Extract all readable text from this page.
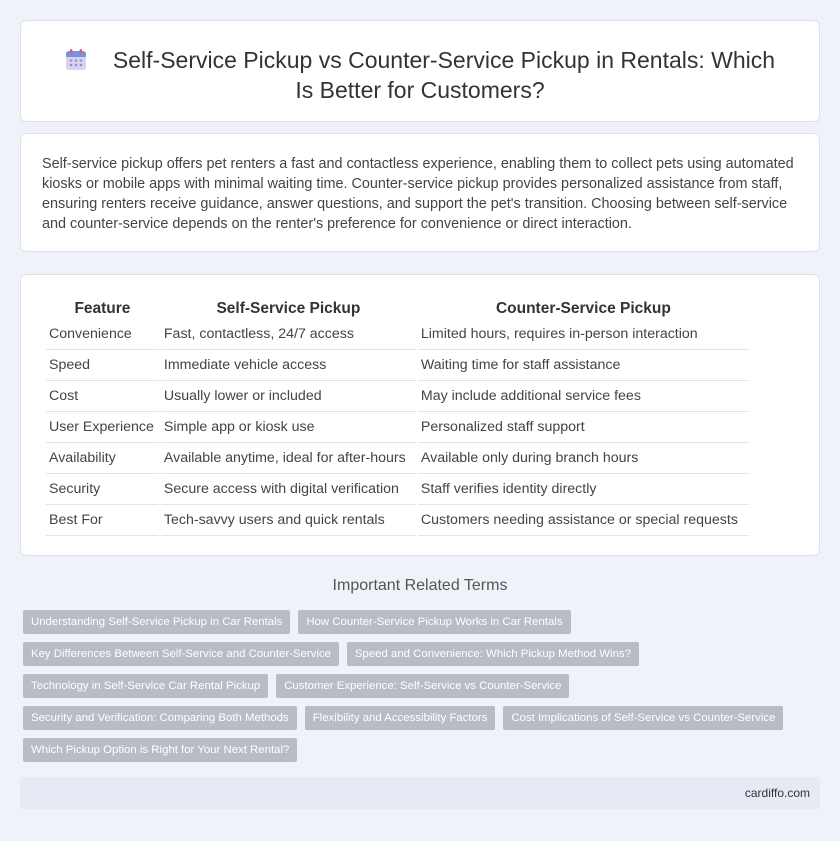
Self-Service Pickup vs Counter-Service Pickup in Rentals: Which Is Better for Customers?

Self-service pickup offers pet renters a fast and contactless experience, enabling them to collect pets using automated kiosks or mobile apps with minimal waiting time. Counter-service pickup provides personalized assistance from staff, ensuring renters receive guidance, answer questions, and support the pet's transition. Choosing between self-service and counter-service depends on the renter's preference for convenience or direct interaction.

Feature	Self-Service Pickup	Counter-Service Pickup
Convenience	Fast, contactless, 24/7 access	Limited hours, requires in-person interaction
Speed	Immediate vehicle access	Waiting time for staff assistance
Cost	Usually lower or included	May include additional service fees
User Experience	Simple app or kiosk use	Personalized staff support
Availability	Available anytime, ideal for after-hours	Available only during branch hours
Security	Secure access with digital verification	Staff verifies identity directly
Best For	Tech-savvy users and quick rentals	Customers needing assistance or special requests
Important Related Terms
Understanding Self-Service Pickup in Car Rentals	How Counter-Service Pickup Works in Car Rentals
Key Differences Between Self-Service and Counter-Service	Speed and Convenience: Which Pickup Method Wins?
Technology in Self-Service Car Rental Pickup	Customer Experience: Self-Service vs Counter-Service
Security and Verification: Comparing Both Methods	Flexibility and Accessibility Factors	Cost Implications of Self-Service vs Counter-Service
Which Pickup Option is Right for Your Next Rental?
cardiffo.com
